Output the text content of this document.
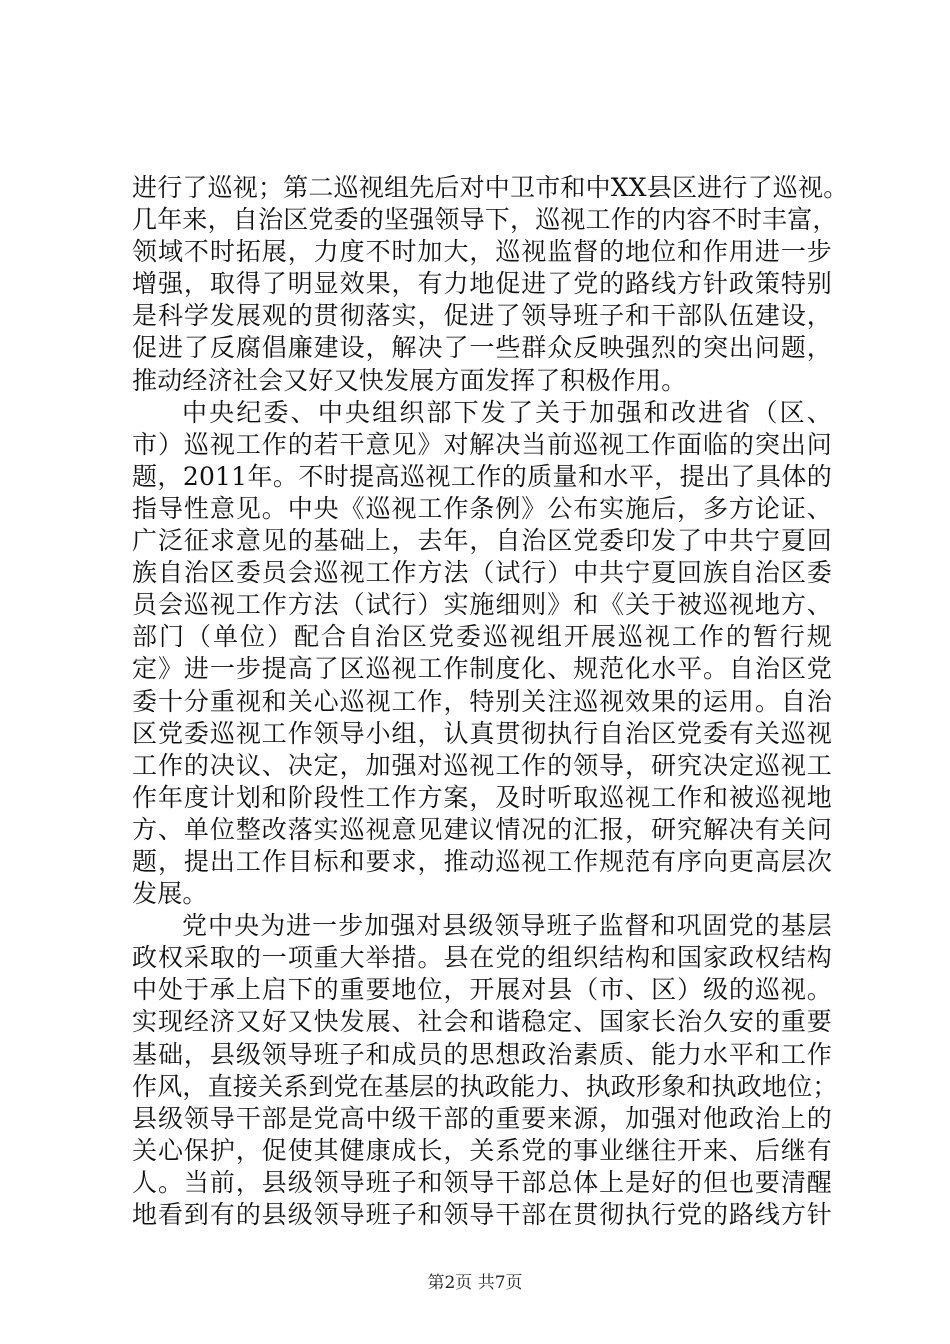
进行了巡视；第二巡视组先后对中卫市和中XX县区进行了巡视。
几年来，自治区党委的坚强领导下，巡视工作的内容不时丰富，
领域不时拓展，力度不时加大，巡视监督的地位和作用进一步
增强，取得了明显效果，有力地促进了党的路线方针政策特别
是科学发展观的贯彻落实，促进了领导班子和干部队伍建设，
促进了反腐倡廉建设，解决了一些群众反映强烈的突出问题，
推动经济社会又好又快发展方面发挥了积极作用。
中央纪委、中央组织部下发了关于加强和改进省（区、
市）巡视工作的若干意见》对解决当前巡视工作面临的突出问
题，2011年。不时提高巡视工作的质量和水平，提出了具体的
指导性意见。中央《巡视工作条例》公布实施后，多方论证、
广泛征求意见的基础上，去年，自治区党委印发了中共宁夏回
族自治区委员会巡视工作方法（试行）中共宁夏回族自治区委
员会巡视工作方法（试行）实施细则》和《关于被巡视地方、
部门（单位）配合自治区党委巡视组开展巡视工作的暂行规
定》进一步提高了区巡视工作制度化、规范化水平。自治区党
委十分重视和关心巡视工作，特别关注巡视效果的运用。自治
区党委巡视工作领导小组，认真贯彻执行自治区党委有关巡视
工作的决议、决定，加强对巡视工作的领导，研究决定巡视工
作年度计划和阶段性工作方案，及时听取巡视工作和被巡视地
方、单位整改落实巡视意见建议情况的汇报，研究解决有关问
题，提出工作目标和要求，推动巡视工作规范有序向更高层次
发展。
党中央为进一步加强对县级领导班子监督和巩固党的基层
政权采取的一项重大举措。县在党的组织结构和国家政权结构
中处于承上启下的重要地位，开展对县（市、区）级的巡视。
实现经济又好又快发展、社会和谐稳定、国家长治久安的重要
基础，县级领导班子和成员的思想政治素质、能力水平和工作
作风，直接关系到党在基层的执政能力、执政形象和执政地位；
县级领导干部是党高中级干部的重要来源，加强对他政治上的
关心保护，促使其健康成长，关系党的事业继往开来、后继有
人。当前，县级领导班子和领导干部总体上是好的但也要清醒
地看到有的县级领导班子和领导干部在贯彻执行党的路线方针
第2页 共7页
